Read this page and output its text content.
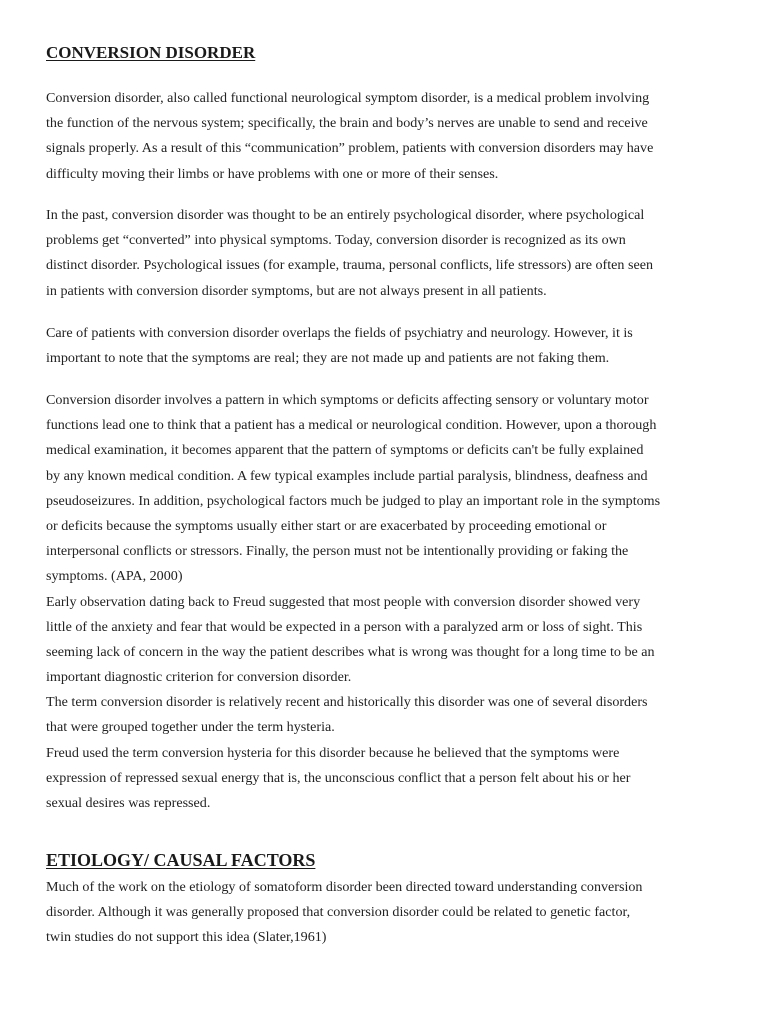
CONVERSION DISORDER
Conversion disorder, also called functional neurological symptom disorder, is a medical problem involving
the function of the nervous system; specifically, the brain and body’s nerves are unable to send and receive
signals properly. As a result of this “communication” problem, patients with conversion disorders may have
difficulty moving their limbs or have problems with one or more of their senses.
In the past, conversion disorder was thought to be an entirely psychological disorder, where psychological
problems get “converted” into physical symptoms. Today, conversion disorder is recognized as its own
distinct disorder. Psychological issues (for example, trauma, personal conflicts, life stressors) are often seen
in patients with conversion disorder symptoms, but are not always present in all patients.
Care of patients with conversion disorder overlaps the fields of psychiatry and neurology. However, it is
important to note that the symptoms are real; they are not made up and patients are not faking them.
Conversion disorder involves a pattern in which symptoms or deficits affecting sensory or voluntary motor
functions lead one to think that a patient has a medical or neurological condition. However, upon a thorough
medical examination, it becomes apparent that the pattern of symptoms or deficits can't be fully explained
by any known medical condition. A few typical examples include partial paralysis, blindness, deafness and
pseudoseizures. In addition, psychological factors much be judged to play an important role in the symptoms
or deficits because the symptoms usually either start or are exacerbated by proceeding emotional or
interpersonal conflicts or stressors. Finally, the person must not be intentionally providing or faking the
symptoms. (APA, 2000)
Early observation dating back to Freud suggested that most people with conversion disorder showed very
little of the anxiety and fear that would be expected in a person with a paralyzed arm or loss of sight. This
seeming lack of concern in the way the patient describes what is wrong was thought for a long time to be an
important diagnostic criterion for conversion disorder.
The term conversion disorder is relatively recent and historically this disorder was one of several disorders
that were grouped together under the term hysteria.
Freud used the term conversion hysteria for this disorder because he believed that the symptoms were
expression of repressed sexual energy that is, the unconscious conflict that a person felt about his or her
sexual desires was repressed.
ETIOLOGY/ CAUSAL FACTORS
Much of the work on the etiology of somatoform disorder been directed toward understanding conversion
disorder. Although it was generally proposed that conversion disorder could be related to genetic factor,
twin studies do not support this idea (Slater,1961)
